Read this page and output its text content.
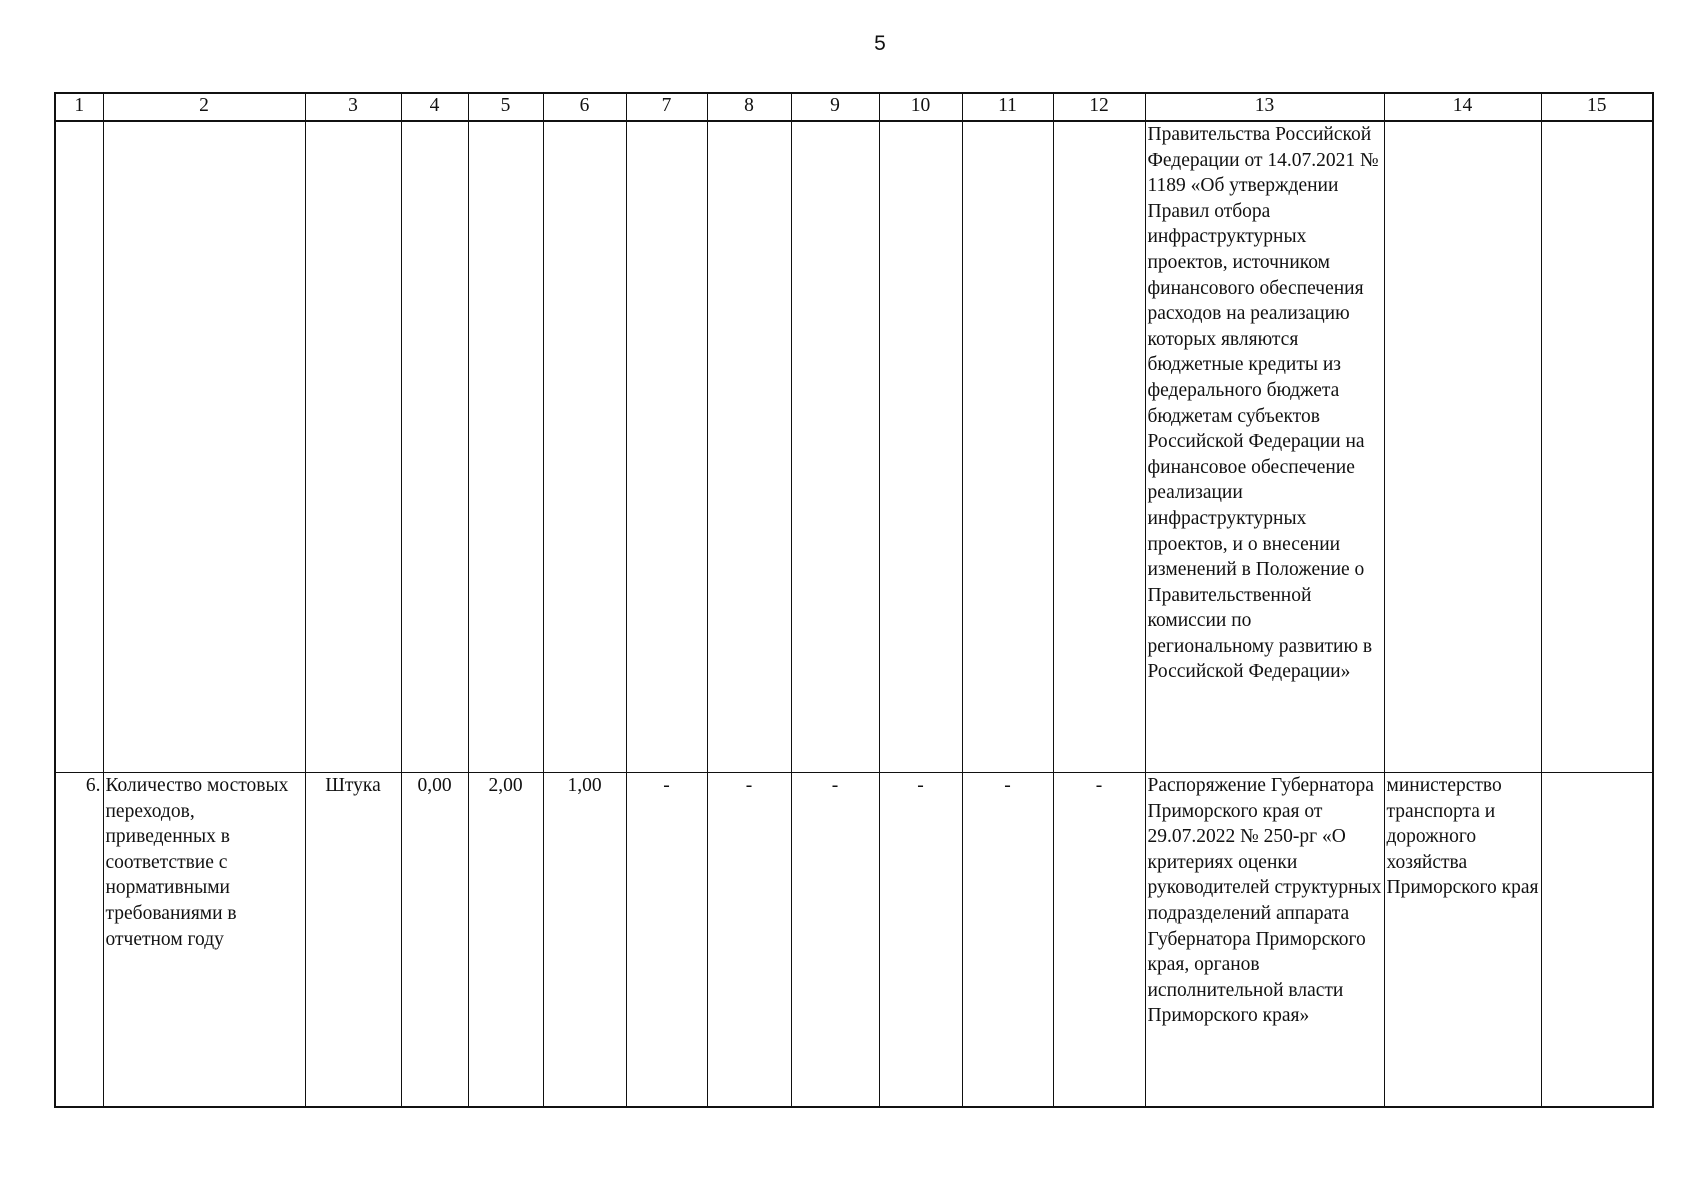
5
1	2	3	4	5	6	7	8	9	10	11	12	13	14	15
												Правительства Российской Федерации от 14.07.2021 № 1189 «Об утверждении Правил отбора инфраструктурных проектов, источником финансового обеспечения расходов на реализацию которых являются бюджетные кредиты из федерального бюджета бюджетам субъектов Российской Федерации на финансовое обеспечение реализации инфраструктурных проектов, и о внесении изменений в Положение о Правительственной комиссии по региональному развитию в Российской Федерации»		
6.	Количество мостовых переходов, приведенных в соответствие с нормативными требованиями в отчетном году	Штука	0,00	2,00	1,00	-	-	-	-	-	-	Распоряжение Губернатора Приморского края от 29.07.2022 № 250-рг «О критериях оценки руководителей структурных подразделений аппарата Губернатора Приморского края, органов исполнительной власти Приморского края»	министерство транспорта и дорожного хозяйства Приморского края	
